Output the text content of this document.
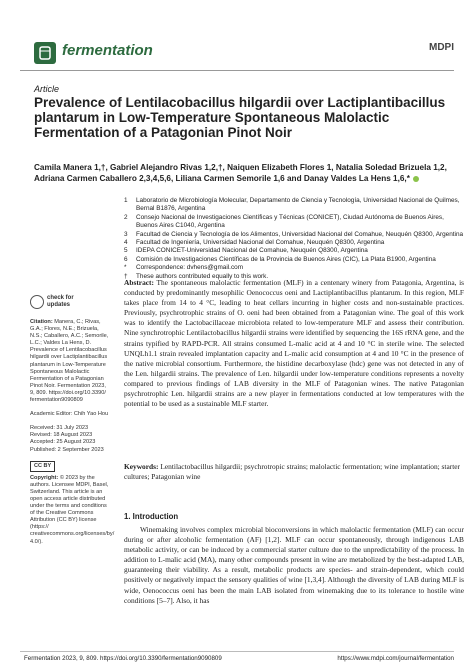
fermentation	MDPI
Article
Prevalence of Lentilacobacillus hilgardii over Lactiplantibacillus plantarum in Low-Temperature Spontaneous Malolactic Fermentation of a Patagonian Pinot Noir
Camila Manera 1,†, Gabriel Alejandro Rivas 1,2,†, Naiquen Elizabeth Flores 1, Natalia Soledad Brizuela 1,2, Adriana Carmen Caballero 2,3,4,5,6, Liliana Carmen Semorile 1,6 and Danay Valdes La Hens 1,6,*
1	Laboratorio de Microbiología Molecular, Departamento de Ciencia y Tecnología, Universidad Nacional de Quilmes, Bernal B1876, Argentina
2	Consejo Nacional de Investigaciones Científicas y Técnicas (CONICET), Ciudad Autónoma de Buenos Aires, Buenos Aires C1040, Argentina
3	Facultad de Ciencia y Tecnología de los Alimentos, Universidad Nacional del Comahue, Neuquén Q8300, Argentina
4	Facultad de Ingeniería, Universidad Nacional del Comahue, Neuquén Q8300, Argentina
5	IDEPA CONICET-Universidad Nacional del Comahue, Neuquén Q8300, Argentina
6	Comisión de Investigaciones Científicas de la Provincia de Buenos Aires (CIC), La Plata B1900, Argentina
*	Correspondence: dvhens@gmail.com
†	These authors contributed equally to this work.

Abstract: The spontaneous malolactic fermentation (MLF) in a centenary winery from Patagonia, Argentina, is conducted by predominantly mesophilic Oenococcus oeni and Lactiplantibacillus plantarum. In this region, MLF takes place from 14 to 4 °C, leading to heat cellars incurring in higher costs and non-sustainable practices. Previously, psychrotrophic strains of O. oeni had been obtained from a Patagonian wine. The goal of this work was to identify the Lactobacillaceae microbiota related to low-temperature MLF and assess their contribution. Nine synchrotrophic Lentilactobacillus hilgardii strains were identified by sequencing the 16S rRNA gene, and the strains typified by RAPD-PCR. All strains consumed L-malic acid at 4 and 10 °C in sterile wine. The selected UNQLh1.1 strain revealed implantation capacity and L-malic acid consumption at 4 and 10 °C in the presence of the native microbial consortium. Furthermore, the histidine decarboxylase (hdc) gene was not detected in any of the Len. hilgardii strains. The prevalence of Len. hilgardii under low-temperature conditions represents a novelty compared to previous findings of LAB diversity in the MLF of Patagonian wines. The native Patagonian psychrotrophic Len. hilgardii strains are a new player in fermentations conducted at low temperatures with the potential to be used as a sustainable MLF starter.

Keywords: Lentilactobacillus hilgardii; psychrotropic strains; malolactic fermentation; wine implantation; starter cultures; Patagonian wine

1. Introduction

Winemaking involves complex microbial bioconversions in which malolactic fermentation (MLF) can occur during or after alcoholic fermentation (AF) [1,2]. MLF can occur spontaneously, through indigenous LAB metabolic activity, or can be induced by a commercial starter culture due to the unpredictability of the process. In addition to L-malic acid (MA), many other compounds present in wine are metabolized by the best-adapted LAB, guaranteeing their viability. As a result, metabolic products are species- and strain-dependent, which could positively or negatively impact the sensory qualities of wine [1,3,4]. Although the diversity of LAB during MLF is wide, Oenococcus oeni has been the main LAB isolated from winemaking due to its tolerance to hostile wine conditions [5–7]. Also, it has

check for
updates
Citation: Manera, C.; Rivas, G.A.; Flores, N.E.; Brizuela, N.S.; Caballero, A.C.; Semorile, L.C.; Valdes La Hens, D. Prevalence of Lentilacobacillus hilgardii over Lactiplantibacillus plantarum in Low-Temperature Spontaneous Malolactic Fermentation of a Patagonian Pinot Noir. Fermentation 2023, 9, 809. https://doi.org/10.3390/ fermentation9090809
Academic Editor: Chih Yao Hou
Received: 31 July 2023
Revised: 18 August 2023
Accepted: 25 August 2023
Published: 2 September 2023
CC BY
Copyright: © 2023 by the authors. Licensee MDPI, Basel, Switzerland. This article is an open access article distributed under the terms and conditions of the Creative Commons Attribution (CC BY) license (https:// creativecommons.org/licenses/by/ 4.0/).
Fermentation 2023, 9, 809. https://doi.org/10.3390/fermentation9090809	https://www.mdpi.com/journal/fermentation
